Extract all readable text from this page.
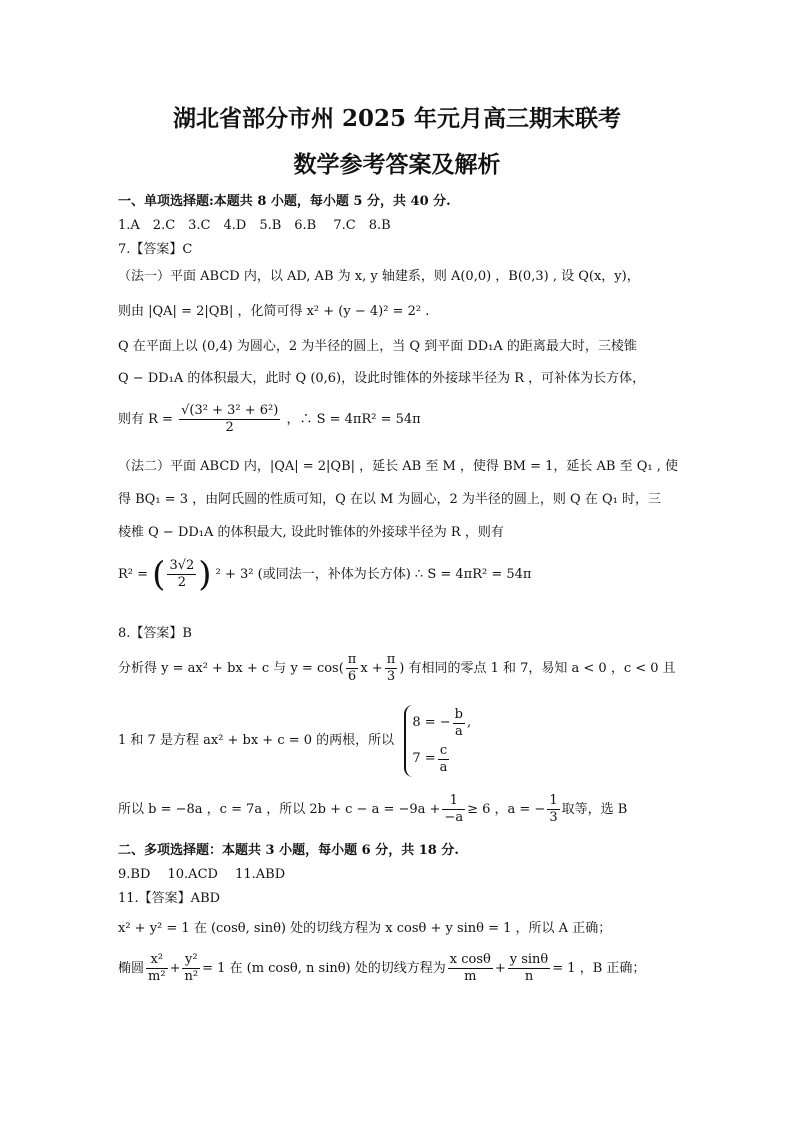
湖北省部分市州 2025 年元月高三期末联考
数学参考答案及解析
一、单项选择题:本题共 8 小题，每小题 5 分，共 40 分.
1.A　2.C　3.C　4.D　5.B　6.B　 7.C　8.B
7.【答案】C
（法一）平面 ABCD 内，以 AD, AB 为 x, y 轴建系，则 A(0,0) ，B(0,3) , 设 Q(x，y)，
则由 |QA| = 2|QB| ，化简可得 x² + (y − 4)² = 2² .
Q 在平面上以 (0,4) 为圆心，2 为半径的圆上，当 Q 到平面 DD₁A 的距离最大时，三棱锥
Q − DD₁A 的体积最大，此时 Q (0,6)，设此时锥体的外接球半径为 R ，可补体为长方体，
则有 $R = \frac{\text{√(3² + 3² + 6²)}}{2}$ ，∴ S = 4πR² = 54π
（法二）平面 ABCD 内，|QA| = 2|QB| ，延长 AB 至 M ，使得 BM = 1，延长 AB 至 Q₁ , 使
得 BQ₁ = 3 ，由阿氏圆的性质可知，Q 在以 M 为圆心，2 为半径的圆上，则 Q 在 Q₁ 时，三
棱椎 Q − DD₁A 的体积最大, 设此时锥体的外接球半径为 R ，则有
R² = ( $\frac{3√2}{2}$ ) ² + 3² (或同法一，补体为长方体) ∴ S = 4πR² = 54π
8.【答案】B
分析得 y = ax² + bx + c 与 $y = \cos( \frac{\pi}{6}$ $x + \frac{\pi}{3}$ ) 有相同的零点 1 和 7，易知 a < 0 ，c < 0 且
1 和 7 是方程 ax² + bx + c = 0 的两根，所以
8 = − $\frac{b}{a}$ ,
$7 = \frac{c}{a}$
所以 b = −8a ，c = 7a ，所以 $2b + c - a = -9a + \frac{1}{-a} \ge 6$ ，a = − $\frac{1}{3}$ 取等，选 B
二、多项选择题：本题共 3 小题，每小题 6 分，共 18 分.
9.BD　 10.ACD　 11.ABD
11.【答案】ABD
x² + y² = 1 在 (cosθ, sinθ) 处的切线方程为 x cosθ + y sinθ = 1 ，所以 A 正确；
椭圆 $\frac{\text{x²}}{\text{m²}} + \frac{\text{y²}}{\text{n²}} = 1$ 在 (m cosθ, n sinθ) 处的切线方程为 $\frac{\text{x cosθ}}{m} + \frac{\text{y sinθ}}{n} = 1$ ，B 正确；
